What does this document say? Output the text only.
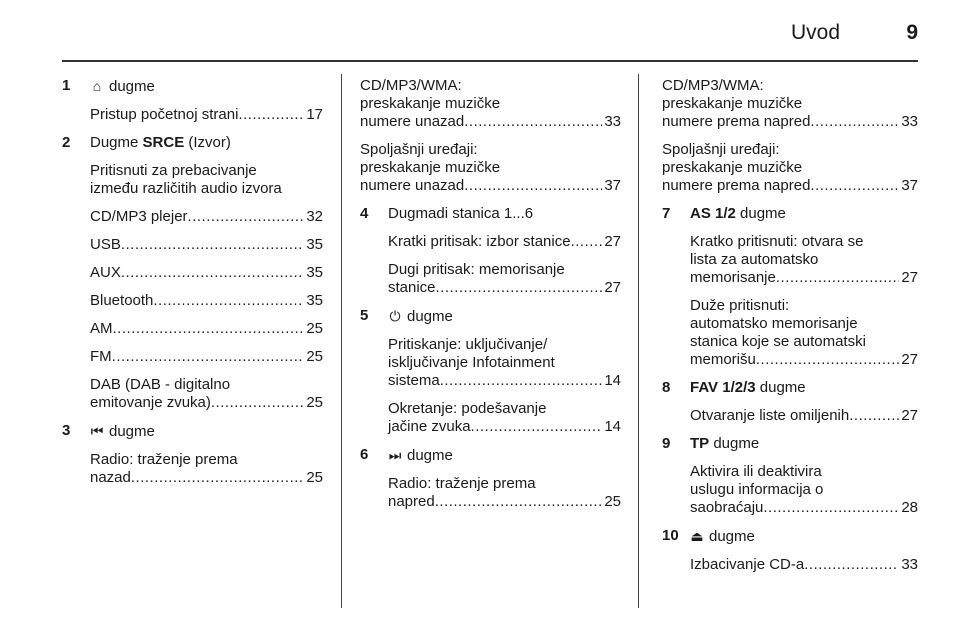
Uvod	9
1 ⌂ dugme
Pristup početnoj strani .....	17
2 Dugme SRCE (Izvor)
Pritisnuti za prebacivanje
između različitih audio izvora
CD/MP3 plejer .....	32
USB .....	35
AUX .....	35
Bluetooth .....	35
AM .....	25
FM .....	25
DAB (DAB - digitalno
emitovanje zvuka) .....	25
3 ⏮ dugme
Radio: traženje prema
nazad .....	25
CD/MP3/WMA:
preskakanje muzičke
numere unazad .....	33
Spoljašnji uređaji:
preskakanje muzičke
numere unazad .....	37
4 Dugmadi stanica 1...6
Kratki pritisak: izbor stanice ..... 27
Dugi pritisak: memorisanje
stanice .....	27
5 ⏻ dugme
Pritiskanje: uključivanje/
isključivanje Infotainment
sistema .....	14
Okretanje: podešavanje
jačine zvuka .....	14
6 ⏭ dugme
Radio: traženje prema
napred .....	25
CD/MP3/WMA:
preskakanje muzičke
numere prema napred .....	33
Spoljašnji uređaji:
preskakanje muzičke
numere prema napred .....	37
7 AS 1/2 dugme
Kratko pritisnuti: otvara se
lista za automatsko
memorisanje .....	27
Duže pritisnuti:
automatsko memorisanje
stanica koje se automatski
memorišu .....	27
8 FAV 1/2/3 dugme
Otvaranje liste omiljenih .....	27
9 TP dugme
Aktivira ili deaktivira
uslugu informacija o
saobraćaju .....	28
10 ⏏ dugme
Izbacivanje CD-a .....	33
